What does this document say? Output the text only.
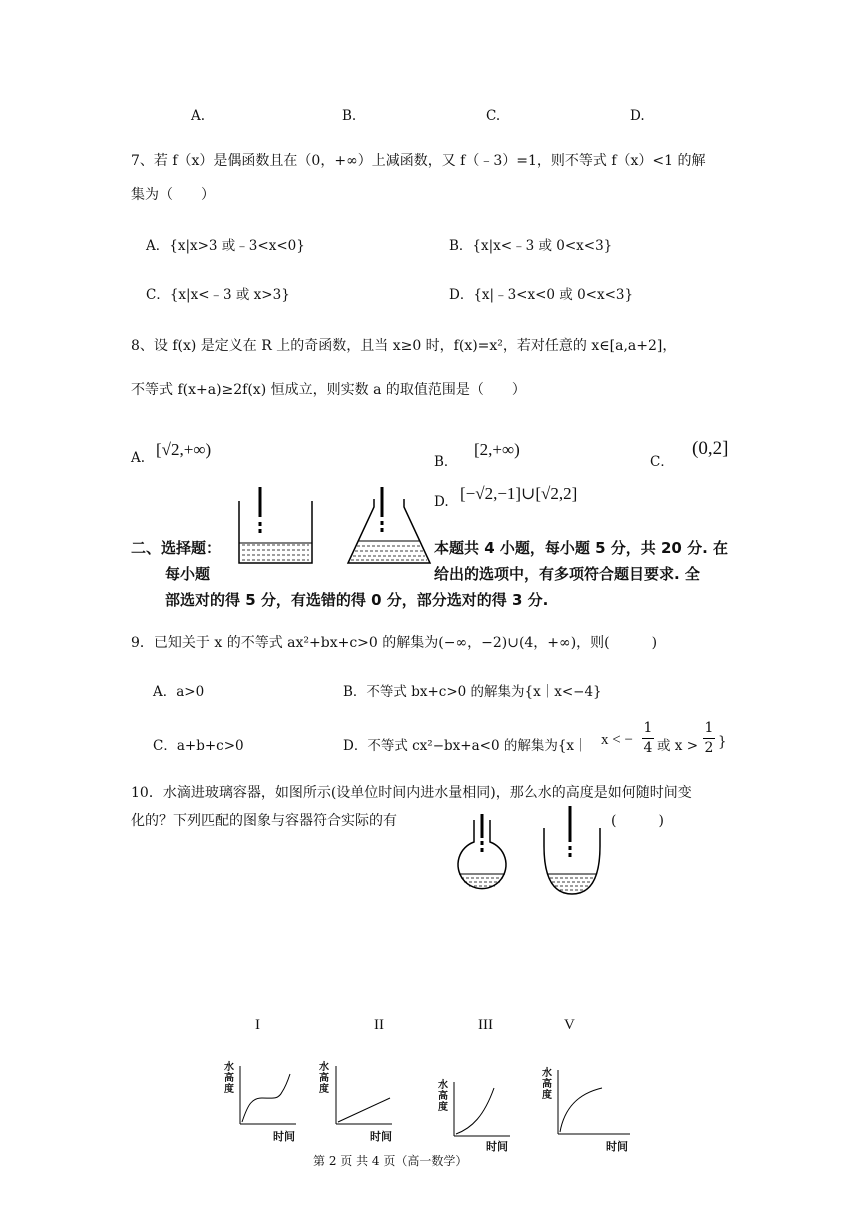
A.	B.	C.	D.
7、若 f（x）是偶函数且在（0，+∞）上减函数，又 f（﹣3）=1，则不等式 f（x）<1 的解
集为（　　）
A．{x|x>3 或﹣3<x<0}	B．{x|x<﹣3 或 0<x<3}
C．{x|x<﹣3 或 x>3}	D．{x|﹣3<x<0 或 0<x<3}
8、设 f(x) 是定义在 R 上的奇函数，且当 x≥0 时，f(x)=x²，若对任意的 x∈[a,a+2]，
不等式 f(x+a)≥2f(x) 恒成立，则实数 a 的取值范围是（　　）
A. [√2,+∞)
B．
[2,+∞)
C．
(0,2]
D. [−√2,−1]∪[√2,2]
二、选择题：	本题共 4 小题，每小题 5 分，共 20 分. 在
每小题	给出的选项中，有多项符合题目要求. 全
部选对的得 5 分，有选错的得 0 分，部分选对的得 3 分.
9．已知关于 x 的不等式 ax²+bx+c>0 的解集为(−∞，−2)∪(4，+∞)，则(　　　)
A．a>0	B．不等式 bx+c>0 的解集为{x｜x<−4}
C．a+b+c>0	D．不等式 cx²−bx+a<0 的解集为{x｜ x < −
1
4 或 x >
1
2 }
10．水滴进玻璃容器，如图所示(设单位时间内进水量相同)，那么水的高度是如何随时间变
化的？下列匹配的图象与容器符合实际的有	(　　　)
I	II	III	V
水
高
度
时间
水
高
度
时间
水
高
度
时间
水
高
度
时间
第 2 页 共 4 页（高一数学）
